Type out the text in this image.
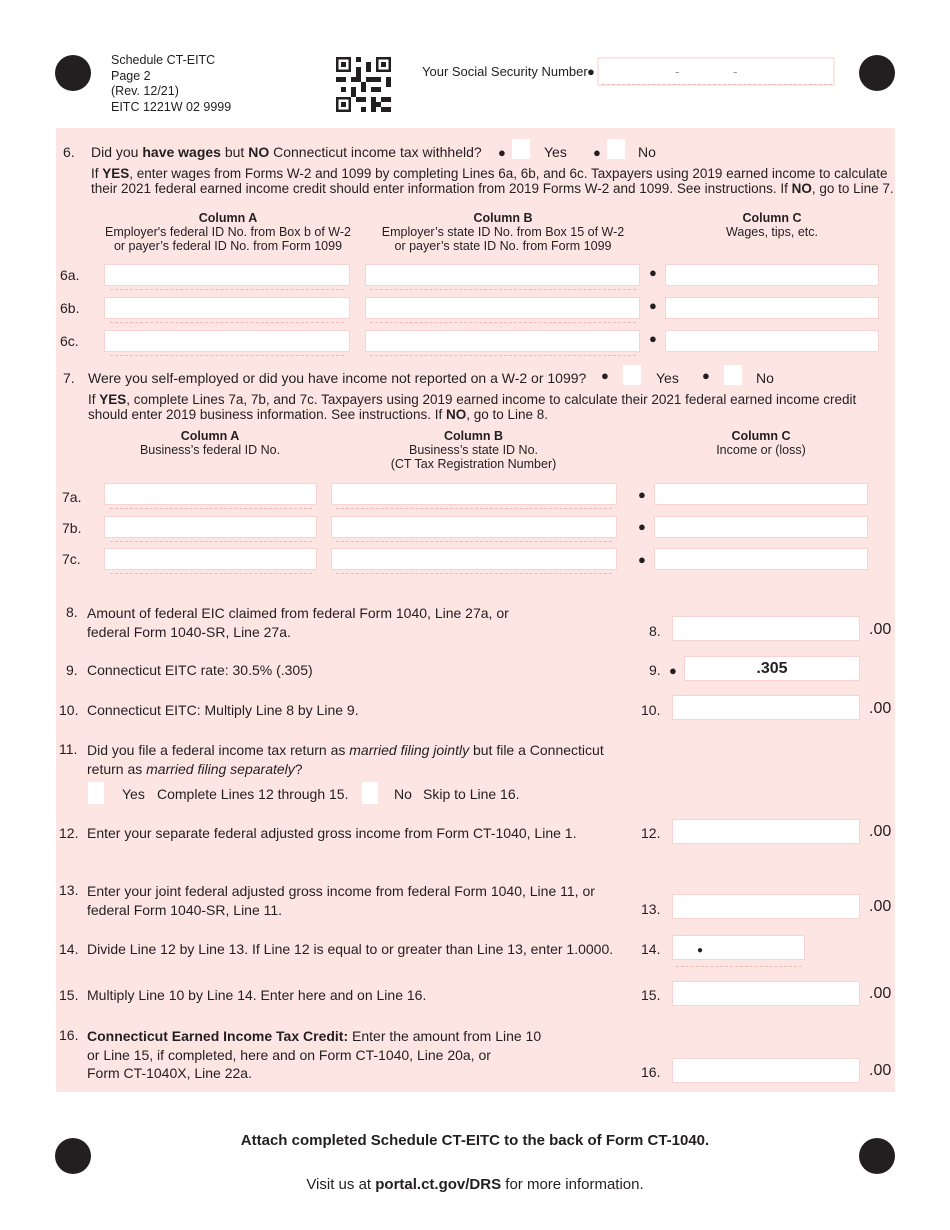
Schedule CT-EITC
Page 2
(Rev. 12/21)
EITC 1221W 02 9999
Your Social Security Number ●	-	-
6. Did you have wages but NO Connecticut income tax withheld? ●	Yes ●	No
If YES, enter wages from Forms W-2 and 1099 by completing Lines 6a, 6b, and 6c. Taxpayers using 2019 earned income to calculate
their 2021 federal earned income credit should enter information from 2019 Forms W-2 and 1099. See instructions. If NO, go to Line 7.
Column A
Employer's federal ID No. from Box b of W-2
or payer’s federal ID No. from Form 1099
Column B
Employer’s state ID No. from Box 15 of W-2
or payer’s state ID No. from Form 1099
Column C
Wages, tips, etc.
6a.	●
6b.	●
6c.	●
7. Were you self-employed or did you have income not reported on a W-2 or 1099? ●	Yes ●	No
If YES, complete Lines 7a, 7b, and 7c. Taxpayers using 2019 earned income to calculate their 2021 federal earned income credit
should enter 2019 business information. See instructions. If NO, go to Line 8.
Column A
Business’s federal ID No.
Column B
Business’s state ID No.
(CT Tax Registration Number)
Column C
Income or (loss)
7a.	●
7b.	●
7c.	●
8. Amount of federal EIC claimed from federal Form 1040, Line 27a, or
federal Form 1040-SR, Line 27a.	8.	.00
9. Connecticut EITC rate: 30.5% (.305)	9. ●	.305
10. Connecticut EITC: Multiply Line 8 by Line 9.	10.	.00
11. Did you file a federal income tax return as married filing jointly but file a Connecticut
return as married filing separately?
Yes Complete Lines 12 through 15.	No Skip to Line 16.
12. Enter your separate federal adjusted gross income from Form CT-1040, Line 1.	12.	.00
13. Enter your joint federal adjusted gross income from federal Form 1040, Line 11, or
federal Form 1040-SR, Line 11.	13.	.00
14. Divide Line 12 by Line 13. If Line 12 is equal to or greater than Line 13, enter 1.0000. 14.	●
15. Multiply Line 10 by Line 14. Enter here and on Line 16.	15.	.00
16. Connecticut Earned Income Tax Credit: Enter the amount from Line 10
or Line 15, if completed, here and on Form CT-1040, Line 20a, or
Form CT-1040X, Line 22a.	16.	.00
Attach completed Schedule CT-EITC to the back of Form CT-1040.
Visit us at portal.ct.gov/DRS for more information.
